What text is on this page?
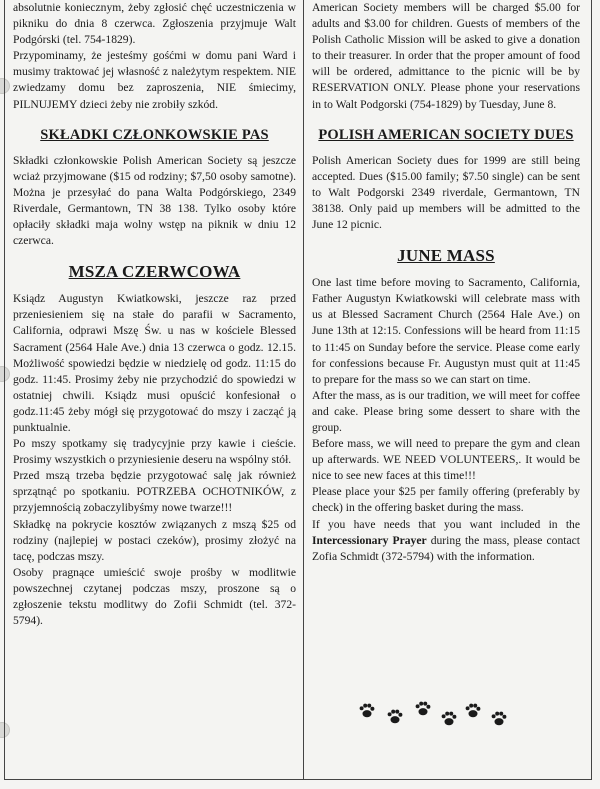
absolutnie koniecznym, żeby zgłosić chęć uczestniczenia w pikniku do dnia 8 czerwca. Zgłoszenia przyjmuje Walt Podgórski (tel. 754-1829).

Przypominamy, że jesteśmy gośćmi w domu pani Ward i musimy traktować jej własność z należytym respektem. NIE zwiedzamy domu bez zaproszenia, NIE śmiecimy, PILNUJEMY dzieci żeby nie zrobiły szkód.

SKŁADKI CZŁONKOWSKIE PAS

Składki członkowskie Polish American Society są jeszcze wciaż przyjmowane ($15 od rodziny; $7,50 osoby samotne). Można je przesyłać do pana Walta Podgórskiego, 2349 Riverdale, Germantown, TN 38 138. Tylko osoby które opłaciły składki maja wolny wstęp na piknik w dniu 12 czerwca.

MSZA CZERWCOWA

Ksiądz Augustyn Kwiatkowski, jeszcze raz przed przeniesieniem się na stałe do parafii w Sacramento, California, odprawi Mszę Św. u nas w kościele Blessed Sacrament (2564 Hale Ave.) dnia 13 czerwca o godz. 12.15. Możliwość spowiedzi będzie w niedzielę od godz. 11:15 do godz. 11:45. Prosimy żeby nie przychodzić do spowiedzi w ostatniej chwili. Ksiądz musi opuścić konfesionał o godz.11:45 żeby mógł się przygotować do mszy i zacząć ją punktualnie.

Po mszy spotkamy się tradycyjnie przy kawie i cieście. Prosimy wszystkich o przyniesienie deseru na wspólny stół.

Przed mszą trzeba będzie przygotować salę jak również sprzątnąć po spotkaniu. POTRZEBA OCHOTNIKÓW, z przyjemnością zobaczylibyśmy nowe twarze!!!

Składkę na pokrycie kosztów związanych z mszą $25 od rodziny (najlepiej w postaci czeków), prosimy złożyć na tacę, podczas mszy.

Osoby pragnące umieścić swoje prośby w modlitwie powszechnej czytanej podczas mszy, proszone są o zgłoszenie tekstu modlitwy do Zofii Schmidt (tel. 372-5794).

American Society members will be charged $5.00 for adults and $3.00 for children. Guests of members of the Polish Catholic Mission will be asked to give a donation to their treasurer. In order that the proper amount of food will be ordered, admittance to the picnic will be by RESERVATION ONLY. Please phone your reservations in to Walt Podgorski (754-1829) by Tuesday, June 8.

POLISH AMERICAN SOCIETY DUES

Polish American Society dues for 1999 are still being accepted. Dues ($15.00 family; $7.50 single) can be sent to Walt Podgorski 2349 riverdale, Germantown, TN 38138. Only paid up members will be admitted to the June 12 picnic.

JUNE MASS

One last time before moving to Sacramento, California, Father Augustyn Kwiatkowski will celebrate mass with us at Blessed Sacrament Church (2564 Hale Ave.) on June 13th at 12:15. Confessions will be heard from 11:15 to 11:45 on Sunday before the service. Please come early for confessions because Fr. Augustyn must quit at 11:45 to prepare for the mass so we can start on time.

After the mass, as is our tradition, we will meet for coffee and cake. Please bring some dessert to share with the group.

Before mass, we will need to prepare the gym and clean up afterwards. WE NEED VOLUNTEERS,. It would be nice to see new faces at this time!!!

Please place your $25 per family offering (preferably by check) in the offering basket during the mass.

If you have needs that you want included in the Intercessionary Prayer during the mass, please contact Zofia Schmidt (372-5794) with the information.
